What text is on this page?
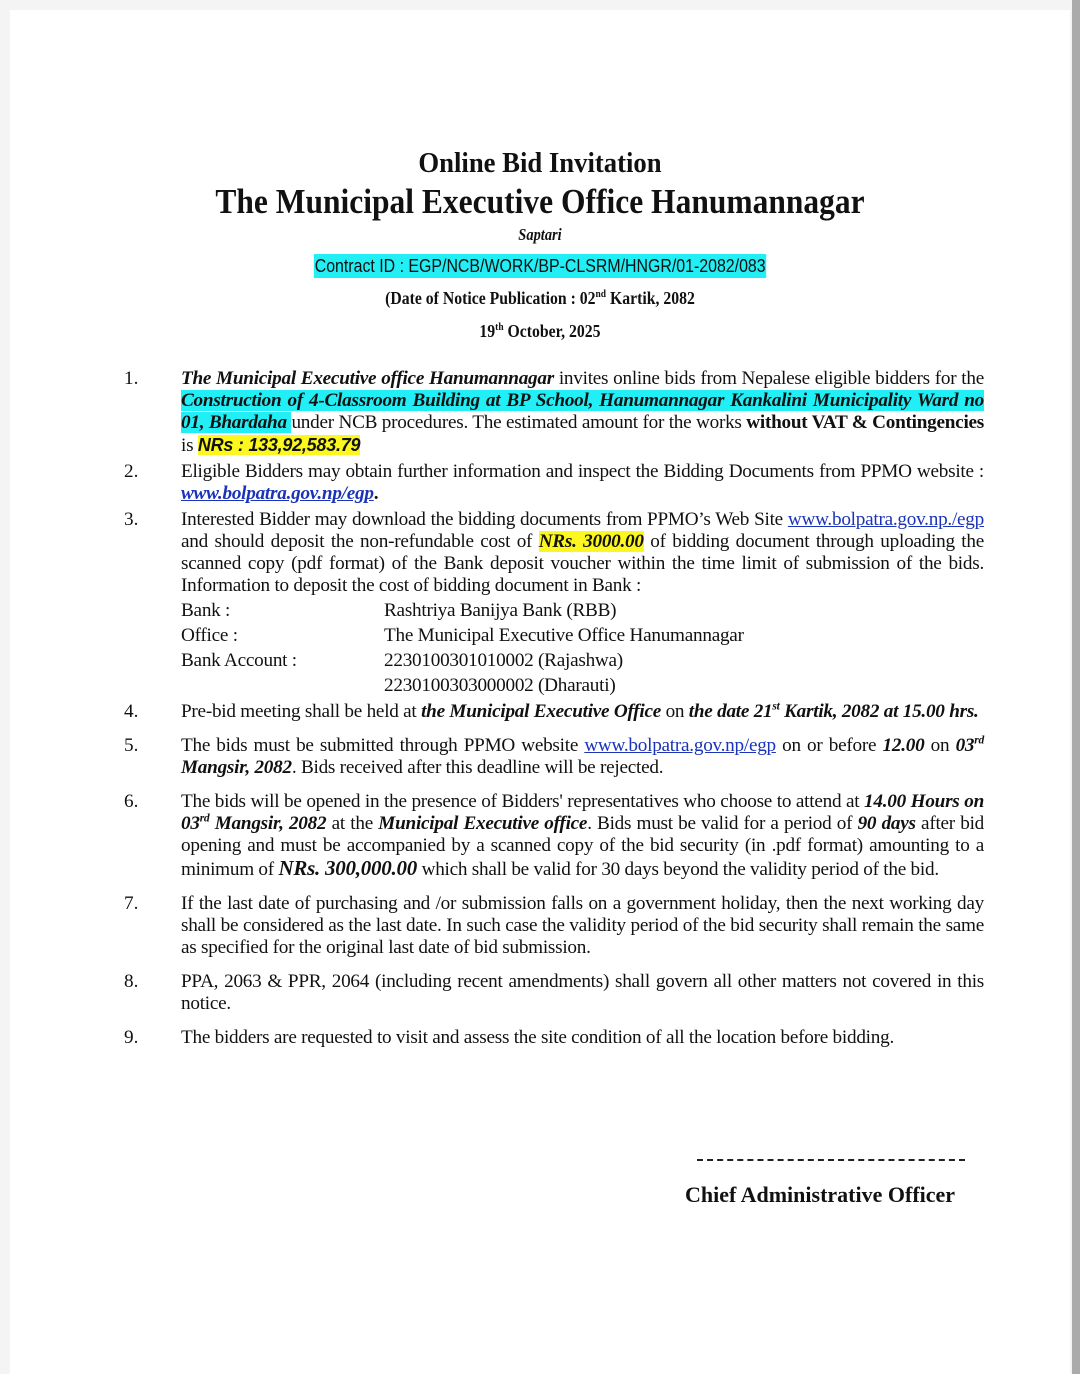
Online Bid Invitation
The Municipal Executive Office Hanumannagar
Saptari
Contract ID : EGP/NCB/WORK/BP-CLSRM/HNGR/01-2082/083
(Date of Notice Publication : 02nd Kartik, 2082
19th October, 2025
1.	The Municipal Executive office Hanumannagar invites online bids from Nepalese eligible bidders for the Construction of 4-Classroom Building at BP School, Hanumannagar Kankalini Municipality Ward no 01, Bhardaha under NCB procedures. The estimated amount for the works without VAT & Contingencies is NRs : 133,92,583.79
2.	Eligible Bidders may obtain further information and inspect the Bidding Documents from PPMO website : www.bolpatra.gov.np/egp.
3.	Interested Bidder may download the bidding documents from PPMO’s Web Site www.bolpatra.gov.np./egp and should deposit the non-refundable cost of NRs. 3000.00 of bidding document through uploading the scanned copy (pdf format) of the Bank deposit voucher within the time limit of submission of the bids. Information to deposit the cost of bidding document in Bank :
Bank :	Rashtriya Banijya Bank (RBB)
Office :	The Municipal Executive Office Hanumannagar
Bank Account :	2230100301010002 (Rajashwa)
2230100303000002 (Dharauti)
4.	Pre-bid meeting shall be held at the Municipal Executive Office on the date 21st Kartik, 2082 at 15.00 hrs.
5.	The bids must be submitted through PPMO website www.bolpatra.gov.np/egp on or before 12.00 on 03rd Mangsir, 2082. Bids received after this deadline will be rejected.
6.	The bids will be opened in the presence of Bidders' representatives who choose to attend at 14.00 Hours on 03rd Mangsir, 2082 at the Municipal Executive office. Bids must be valid for a period of 90 days after bid opening and must be accompanied by a scanned copy of the bid security (in .pdf format) amounting to a minimum of NRs. 300,000.00 which shall be valid for 30 days beyond the validity period of the bid.
7.	If the last date of purchasing and /or submission falls on a government holiday, then the next working day shall be considered as the last date. In such case the validity period of the bid security shall remain the same as specified for the original last date of bid submission.
8.	PPA, 2063 & PPR, 2064 (including recent amendments) shall govern all other matters not covered in this notice.
9.	The bidders are requested to visit and assess the site condition of all the location before bidding.
Chief Administrative Officer
